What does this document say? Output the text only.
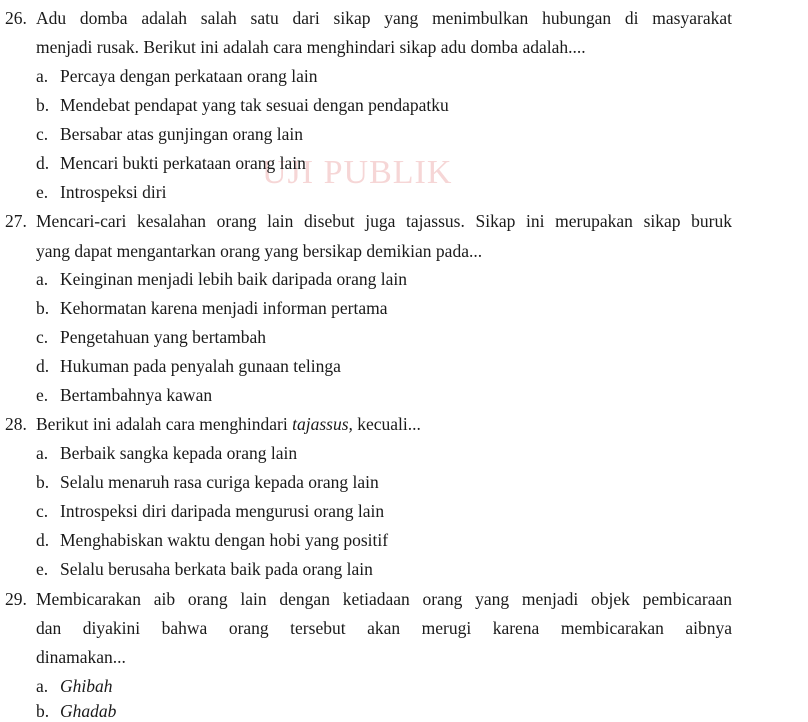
UJI PUBLIK
26. Adu domba adalah salah satu dari sikap yang menimbulkan hubungan di masyarakat
menjadi rusak. Berikut ini adalah cara menghindari sikap adu domba adalah....
a. Percaya dengan perkataan orang lain
b. Mendebat pendapat yang tak sesuai dengan pendapatku
c. Bersabar atas gunjingan orang lain
d. Mencari bukti perkataan orang lain
e. Introspeksi diri
27. Mencari-cari kesalahan orang lain disebut juga tajassus. Sikap ini merupakan sikap buruk
yang dapat mengantarkan orang yang bersikap demikian pada...
a. Keinginan menjadi lebih baik daripada orang lain
b. Kehormatan karena menjadi informan pertama
c. Pengetahuan yang bertambah
d. Hukuman pada penyalah gunaan telinga
e. Bertambahnya kawan
28. Berikut ini adalah cara menghindari tajassus, kecuali...
a. Berbaik sangka kepada orang lain
b. Selalu menaruh rasa curiga kepada orang lain
c. Introspeksi diri daripada mengurusi orang lain
d. Menghabiskan waktu dengan hobi yang positif
e. Selalu berusaha berkata baik pada orang lain
29. Membicarakan aib orang lain dengan ketiadaan orang yang menjadi objek pembicaraan
dan diyakini bahwa orang tersebut akan merugi karena membicarakan aibnya
dinamakan...
a. Ghibah
b. Ghadab
